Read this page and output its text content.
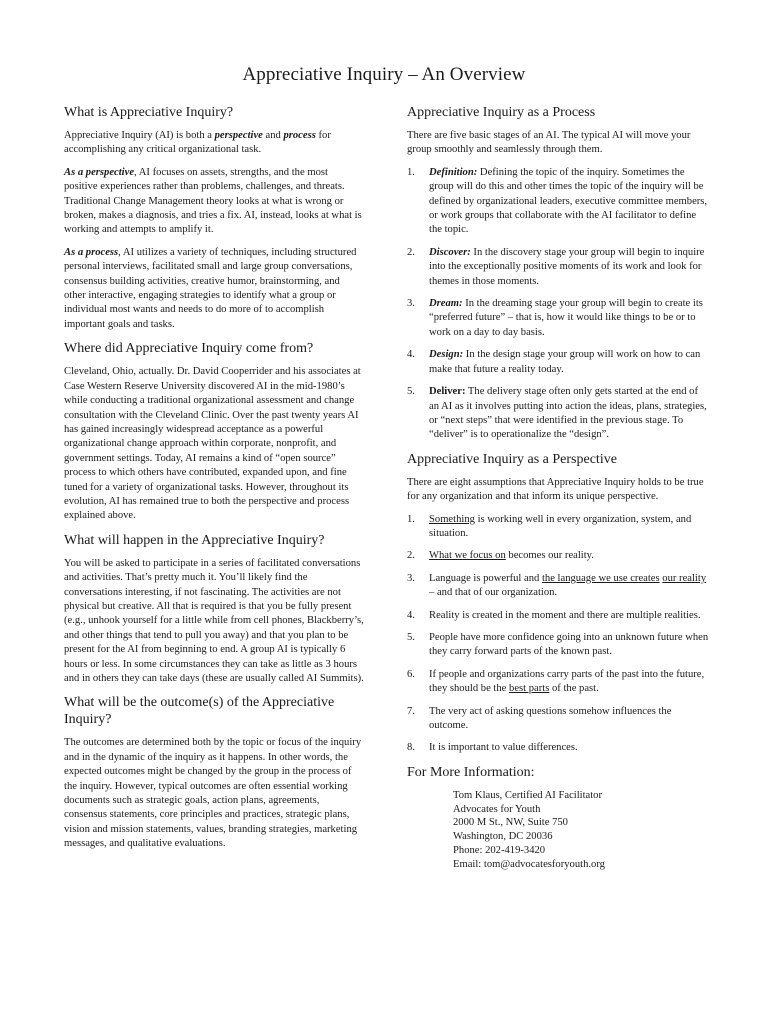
Appreciative Inquiry – An Overview
What is Appreciative Inquiry?

Appreciative Inquiry (AI) is both a perspective and process for accomplishing any critical organizational task.

As a perspective, AI focuses on assets, strengths, and the most positive experiences rather than problems, challenges, and threats. Traditional Change Management theory looks at what is wrong or broken, makes a diagnosis, and tries a fix. AI, instead, looks at what is working and attempts to amplify it.

As a process, AI utilizes a variety of techniques, including structured personal interviews, facilitated small and large group conversations, consensus building activities, creative humor, brainstorming, and other interactive, engaging strategies to identify what a group or individual most wants and needs to do more of to accomplish important goals and tasks.

Where did Appreciative Inquiry come from?

Cleveland, Ohio, actually. Dr. David Cooperrider and his associates at Case Western Reserve University discovered AI in the mid-1980’s while conducting a traditional organizational assessment and change consultation with the Cleveland Clinic. Over the past twenty years AI has gained increasingly widespread acceptance as a powerful organizational change approach within corporate, nonprofit, and government settings. Today, AI remains a kind of “open source” process to which others have contributed, expanded upon, and fine tuned for a variety of organizational tasks. However, throughout its evolution, AI has remained true to both the perspective and process explained above.

What will happen in the Appreciative Inquiry?

You will be asked to participate in a series of facilitated conversations and activities. That’s pretty much it. You’ll likely find the conversations interesting, if not fascinating. The activities are not physical but creative. All that is required is that you be fully present (e.g., unhook yourself for a little while from cell phones, Blackberry’s, and other things that tend to pull you away) and that you plan to be present for the AI from beginning to end. A group AI is typically 6 hours or less. In some circumstances they can take as little as 3 hours and in others they can take days (these are usually called AI Summits).

What will be the outcome(s) of the Appreciative Inquiry?

The outcomes are determined both by the topic or focus of the inquiry and in the dynamic of the inquiry as it happens. In other words, the expected outcomes might be changed by the group in the process of the inquiry. However, typical outcomes are often essential working documents such as strategic goals, action plans, agreements, consensus statements, core principles and practices, strategic plans, vision and mission statements, values, branding strategies, marketing messages, and qualitative evaluations.

Appreciative Inquiry as a Process

There are five basic stages of an AI. The typical AI will move your group smoothly and seamlessly through them.

1. Definition: Defining the topic of the inquiry. Sometimes the group will do this and other times the topic of the inquiry will be defined by organizational leaders, executive committee members, or work groups that collaborate with the AI facilitator to define the topic.
2. Discover: In the discovery stage your group will begin to inquire into the exceptionally positive moments of its work and look for themes in those moments.
3. Dream: In the dreaming stage your group will begin to create its “preferred future” – that is, how it would like things to be or to work on a day to day basis.
4. Design: In the design stage your group will work on how to can make that future a reality today.
5. Deliver: The delivery stage often only gets started at the end of an AI as it involves putting into action the ideas, plans, strategies, or “next steps” that were identified in the previous stage. To “deliver” is to operationalize the “design”.
Appreciative Inquiry as a Perspective

There are eight assumptions that Appreciative Inquiry holds to be true for any organization and that inform its unique perspective.

1. Something is working well in every organization, system, and situation.
2. What we focus on becomes our reality.
3. Language is powerful and the language we use creates our reality – and that of our organization.
4. Reality is created in the moment and there are multiple realities.
5. People have more confidence going into an unknown future when they carry forward parts of the known past.
6. If people and organizations carry parts of the past into the future, they should be the best parts of the past.
7. The very act of asking questions somehow influences the outcome.
8. It is important to value differences.
For More Information:
Tom Klaus, Certified AI Facilitator
Advocates for Youth
2000 M St., NW, Suite 750
Washington, DC 20036
Phone: 202-419-3420
Email: tom@advocatesforyouth.org
